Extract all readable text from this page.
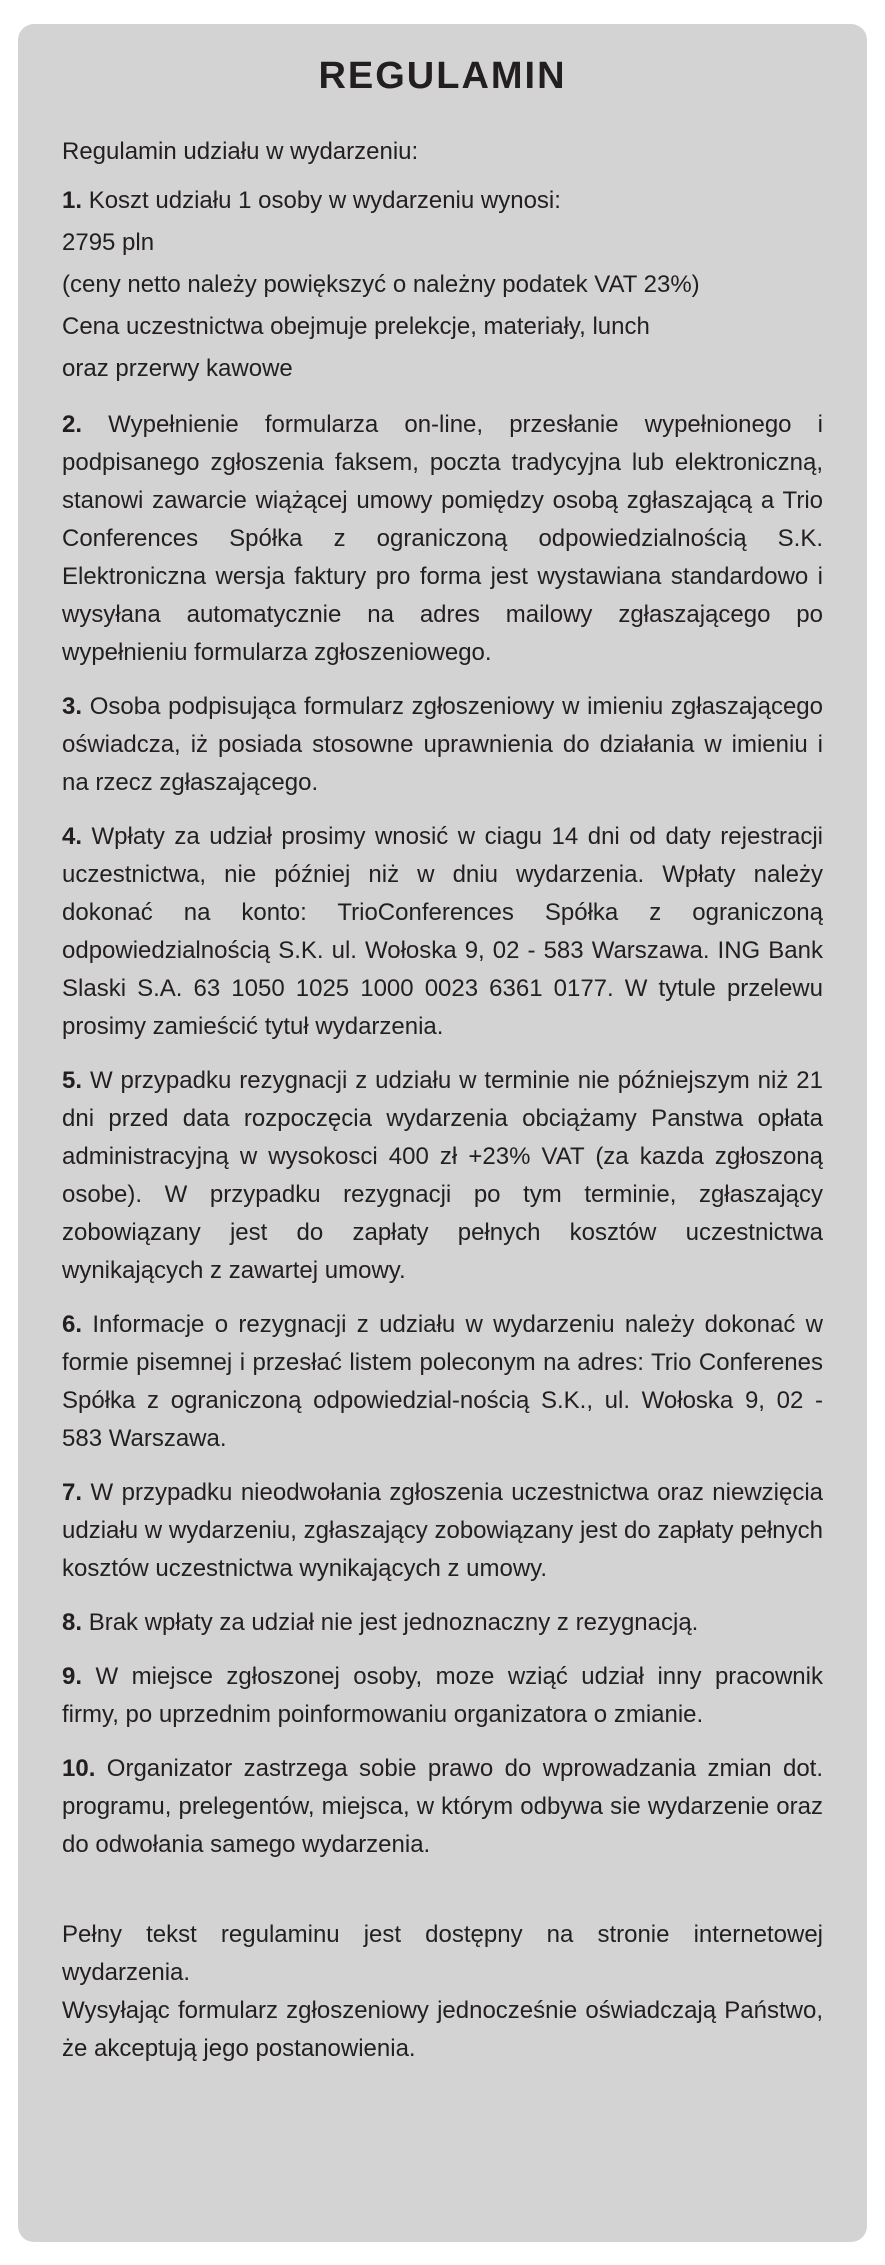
REGULAMIN

Regulamin udziału w wydarzeniu:

1. Koszt udziału 1 osoby w wydarzeniu wynosi:
2795 pln
(ceny netto należy powiększyć o należny podatek VAT 23%)
Cena uczestnictwa obejmuje prelekcje, materiały, lunch
oraz przerwy kawowe

2. Wypełnienie formularza on-line, przesłanie wypełnionego i podpisanego zgłoszenia faksem, poczta tradycyjna lub elektroniczną, stanowi zawarcie wiążącej umowy pomiędzy osobą zgłaszającą a Trio Conferences Spółka z ograniczoną odpowiedzialnością S.K. Elektroniczna wersja faktury pro forma jest wystawiana standardowo i wysyłana automatycznie na adres mailowy zgłaszającego po wypełnieniu formularza zgłoszeniowego.

3. Osoba podpisująca formularz zgłoszeniowy w imieniu zgłaszającego oświadcza, iż posiada stosowne uprawnienia do działania w imieniu i na rzecz zgłaszającego.

4. Wpłaty za udział prosimy wnosić w ciagu 14 dni od daty rejestracji uczestnictwa, nie później niż w dniu wydarzenia. Wpłaty należy dokonać na konto: TrioConferences Spółka z ograniczoną odpowiedzialnością S.K. ul. Wołoska 9, 02 - 583 Warszawa. ING Bank Slaski S.A. 63 1050 1025 1000 0023 6361 0177. W tytule przelewu prosimy zamieścić tytuł wydarzenia.

5. W przypadku rezygnacji z udziału w terminie nie późniejszym niż 21 dni przed data rozpoczęcia wydarzenia obciążamy Panstwa opłata administracyjną w wysokosci 400 zł +23% VAT (za kazda zgłoszoną osobe). W przypadku rezygnacji po tym terminie, zgłaszający zobowiązany jest do zapłaty pełnych kosztów uczestnictwa wynikających z zawartej umowy.

6. Informacje o rezygnacji z udziału w wydarzeniu należy dokonać w formie pisemnej i przesłać listem poleconym na adres: Trio Conferenes Spółka z ograniczoną odpowiedzial-nością S.K., ul. Wołoska 9, 02 - 583 Warszawa.

7. W przypadku nieodwołania zgłoszenia uczestnictwa oraz niewzięcia udziału w wydarzeniu, zgłaszający zobowiązany jest do zapłaty pełnych kosztów uczestnictwa wynikających z umowy.

8. Brak wpłaty za udział nie jest jednoznaczny z rezygnacją.

9. W miejsce zgłoszonej osoby, moze wziąć udział inny pracownik firmy, po uprzednim poinformowaniu organizatora o zmianie.

10. Organizator zastrzega sobie prawo do wprowadzania zmian dot. programu, prelegentów, miejsca, w którym odbywa sie wydarzenie oraz do odwołania samego wydarzenia.

Pełny tekst regulaminu jest dostępny na stronie internetowej wydarzenia.

Wysyłając formularz zgłoszeniowy jednocześnie oświadczają Państwo, że akceptują jego postanowienia.
